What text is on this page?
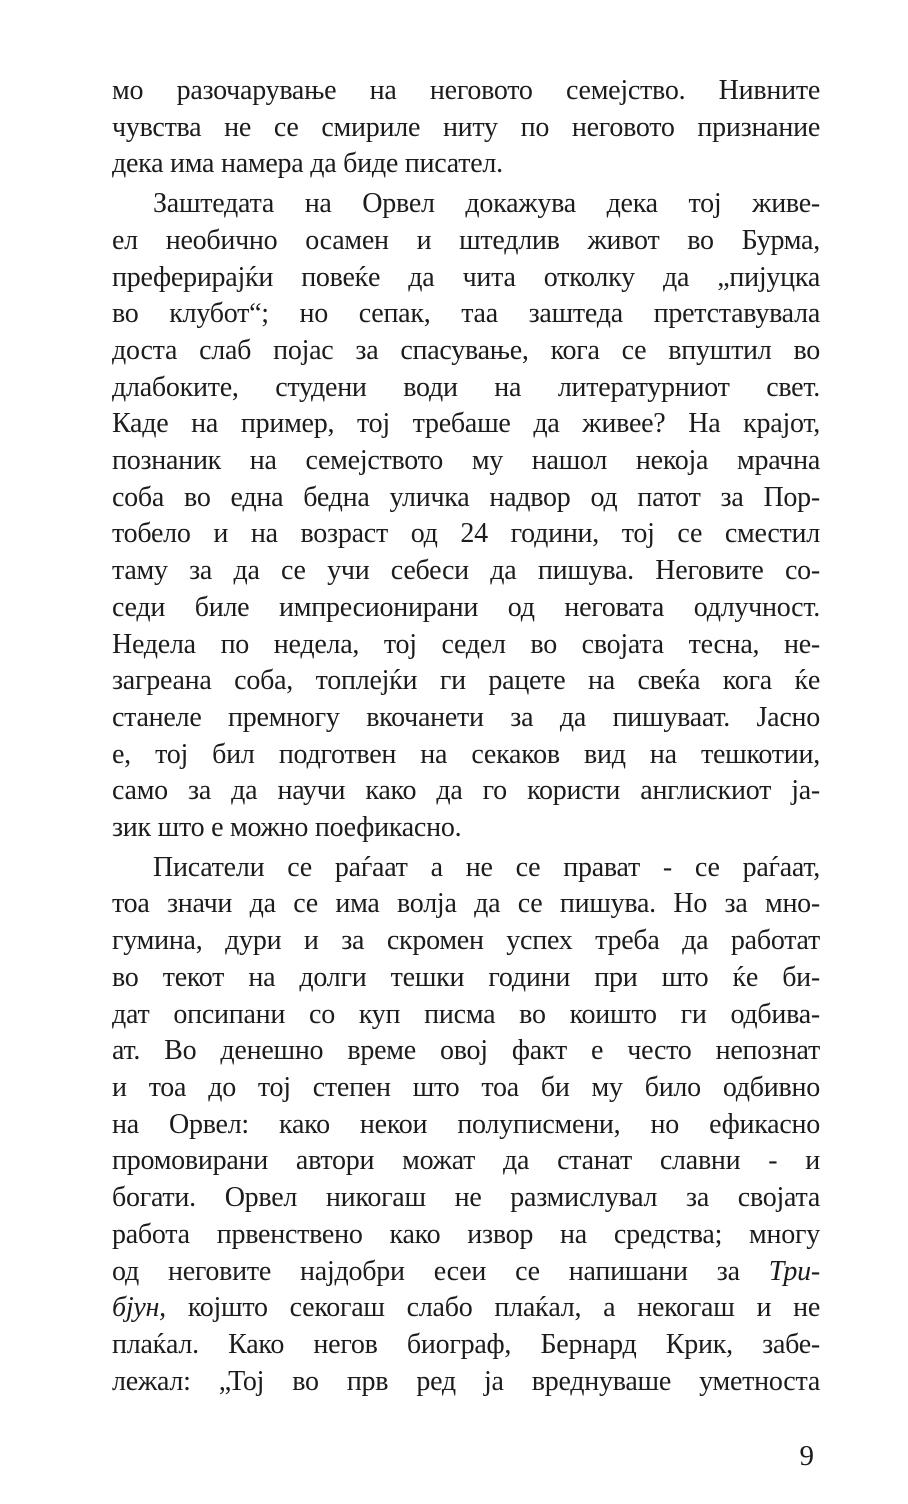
мо разочарување на неговото семејство. Нивните
чувства не се смириле ниту по неговото признание
дека има намера да биде писател.
Заштедата на Орвел докажува дека тој живе-
ел необично осамен и штедлив живот во Бурма,
преферирајќи повеќе да чита отколку да „пијуцка
во клубот“; но сепак, таа заштеда претставувала
доста слаб појас за спасување, кога се впуштил во
длабоките, студени води на литературниот свет.
Каде на пример, тој требаше да живее? На крајот,
познаник на семејството му нашол некоја мрачна
соба во една бедна уличка надвор од патот за Пор-
тобело и на возраст од 24 години, тој се сместил
таму за да се учи себеси да пишува. Неговите со-
седи биле импресионирани од неговата одлучност.
Недела по недела, тој седел во својата тесна, не-
загреана соба, топлејќи ги рацете на свеќа кога ќе
станеле премногу вкочанети за да пишуваат. Јасно
е, тој бил подготвен на секаков вид на тешкотии,
само за да научи како да го користи англискиот ја-
зик што е можно поефикасно.
Писатели се раѓаат а не се прават - се раѓаат,
тоа значи да се има волја да се пишува. Но за мно-
гумина, дури и за скромен успех треба да работат
во текот на долги тешки години при што ќе би-
дат опсипани со куп писма во коишто ги одбива-
ат. Во денешно време овој факт е често непознат
и тоа до тој степен што тоа би му било одбивно
на Орвел: како некои полуписмени, но ефикасно
промовирани автори можат да станат славни - и
богати. Орвел никогаш не размислувал за својата
работа првенствено како извор на средства; многу
од неговите најдобри есеи се напишани за Три-
бјун, којшто секогаш слабо плаќал, а некогаш и не
плаќал. Како негов биограф, Бернард Крик, забе-
лежал: „Тој во прв ред ја вреднуваше уметноста
9
